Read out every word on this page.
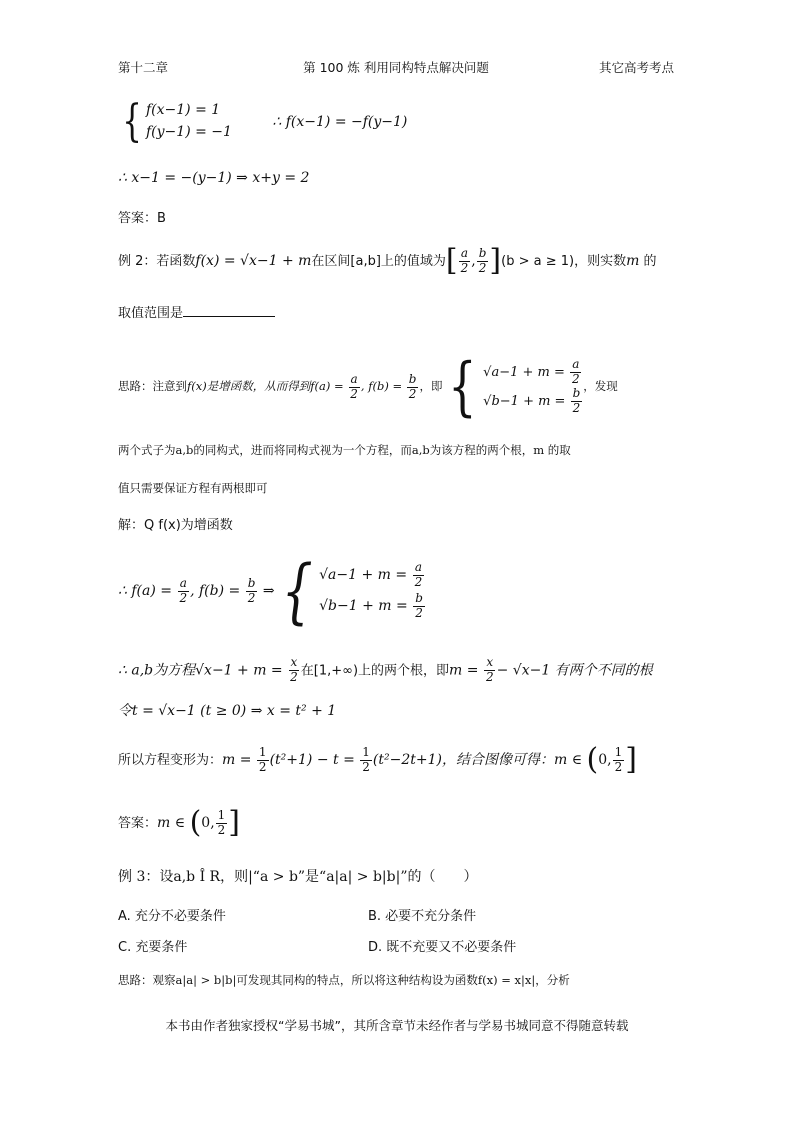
第十二章	第 100 炼 利用同构特点解决问题	其它高考考点
{ f(x−1) = 1
f(y−1) = −1 ∴ f(x−1) = −f(y−1)
∴ x−1 = −(y−1) ⇒ x+y = 2
答案：B
例 2：若函数f(x) = √x−1 + m在区间[a,b]上的值域为[ $\frac{a}{2}$ , $\frac{b}{2} ](b > a \ge 1)$，则实数m 的
取值范围是
思路：注意到f(x)是增函数，从而得到$f(a) = \frac{a}{2}$ , $f(b) = \frac{b}{2}$ ，即{ $√a-1 + m = \frac{a}{2}$

$√b-1 + m = \frac{b}{2}$
，发现
两个式子为a,b的同构式，进而将同构式视为一个方程，而a,b为该方程的两个根，m 的取
值只需要保证方程有两根即可
解：Q f(x)为增函数
∴ $f(a) = \frac{a}{2}$ , $f(b) = \frac{b}{2}$ ⇒{ $√a-1 + m = \frac{a}{2}$

$√b-1 + m = \frac{b}{2}$
∴ a,b为方程$√x-1 + m = \frac{x}{2}$ 在[1,+∞)上的两个根，即$m = \frac{x}{2} - √x-1$ 有两个不同的根
令t = √x−1 (t ≥ 0) ⇒ x = t² + 1
所以方程变形为：$m = \frac{1}{2} (t^2+1) - t = \frac{1}{2} (t^2-2t+1)$，结合图像可得：m ∈ (0, $\frac{1}{2}$ ]
答案：m ∈ (0, $\frac{1}{2}$ ]
例 3：设a,b Î R，则|“a > b”是“a|a| > b|b|”的（　　）
A. 充分不必要条件	B. 必要不充分条件
C. 充要条件	D. 既不充要又不必要条件
思路：观察a|a| > b|b|可发现其同构的特点，所以将这种结构设为函数f(x) = x|x|，分析
本书由作者独家授权“学易书城”，其所含章节未经作者与学易书城同意不得随意转载
